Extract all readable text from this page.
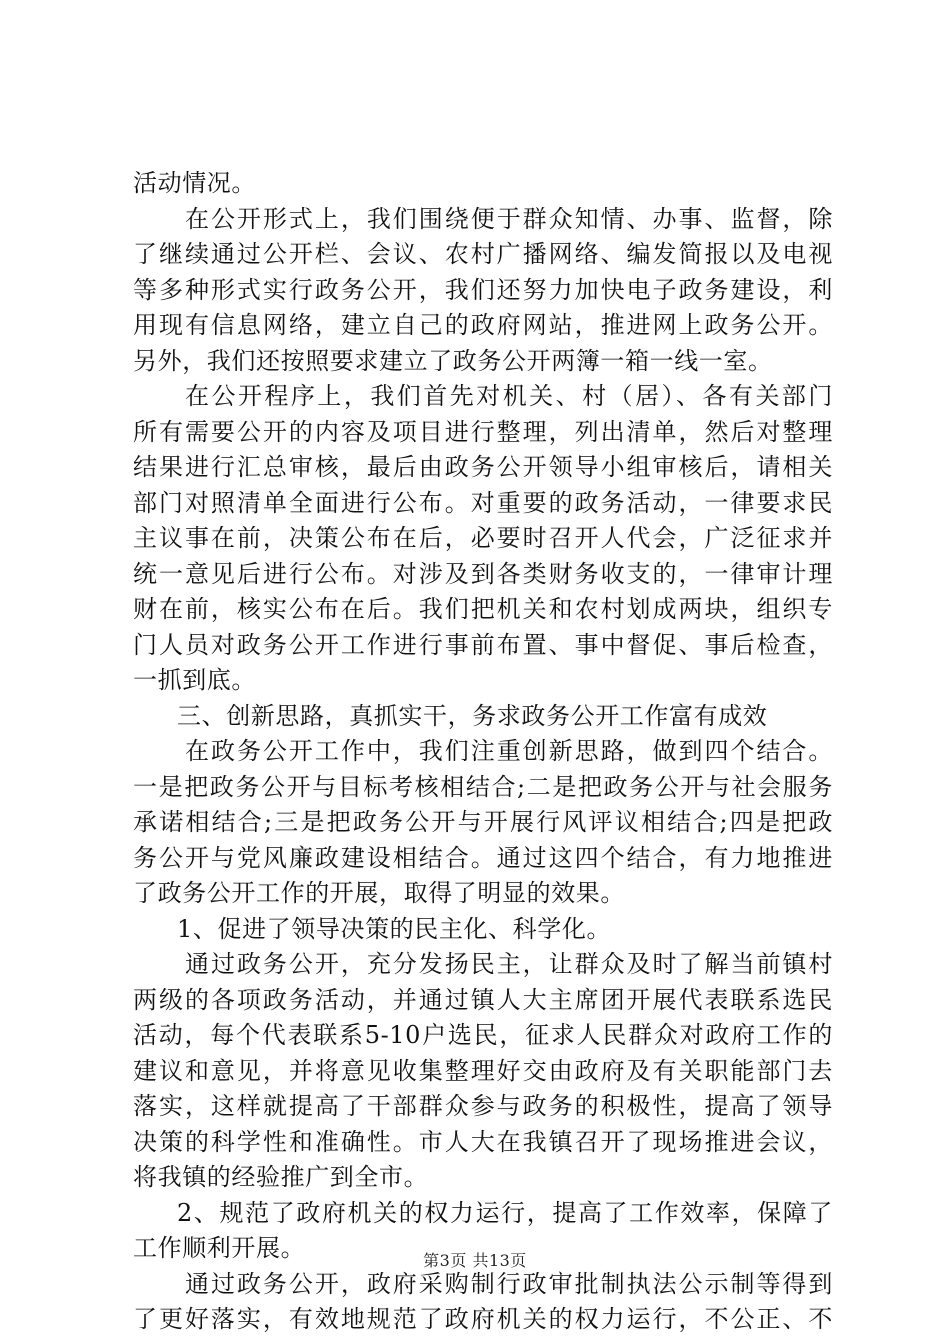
活动情况。
在公开形式上，我们围绕便于群众知情、办事、监督，除
了继续通过公开栏、会议、农村广播网络、编发简报以及电视
等多种形式实行政务公开，我们还努力加快电子政务建设，利
用现有信息网络，建立自己的政府网站，推进网上政务公开。
另外，我们还按照要求建立了政务公开两簿一箱一线一室。
在公开程序上，我们首先对机关、村（居）、各有关部门
所有需要公开的内容及项目进行整理，列出清单，然后对整理
结果进行汇总审核，最后由政务公开领导小组审核后，请相关
部门对照清单全面进行公布。对重要的政务活动，一律要求民
主议事在前，决策公布在后，必要时召开人代会，广泛征求并
统一意见后进行公布。对涉及到各类财务收支的，一律审计理
财在前，核实公布在后。我们把机关和农村划成两块，组织专
门人员对政务公开工作进行事前布置、事中督促、事后检查，
一抓到底。
三、创新思路，真抓实干，务求政务公开工作富有成效
在政务公开工作中，我们注重创新思路，做到四个结合。
一是把政务公开与目标考核相结合;二是把政务公开与社会服务
承诺相结合;三是把政务公开与开展行风评议相结合;四是把政
务公开与党风廉政建设相结合。通过这四个结合，有力地推进
了政务公开工作的开展，取得了明显的效果。
1、促进了领导决策的民主化、科学化。
通过政务公开，充分发扬民主，让群众及时了解当前镇村
两级的各项政务活动，并通过镇人大主席团开展代表联系选民
活动，每个代表联系5-10户选民，征求人民群众对政府工作的
建议和意见，并将意见收集整理好交由政府及有关职能部门去
落实，这样就提高了干部群众参与政务的积极性，提高了领导
决策的科学性和准确性。市人大在我镇召开了现场推进会议，
将我镇的经验推广到全市。
2、规范了政府机关的权力运行，提高了工作效率，保障了
工作顺利开展。
通过政务公开，政府采购制行政审批制执法公示制等得到
了更好落实，有效地规范了政府机关的权力运行，不公正、不
第3页 共13页
